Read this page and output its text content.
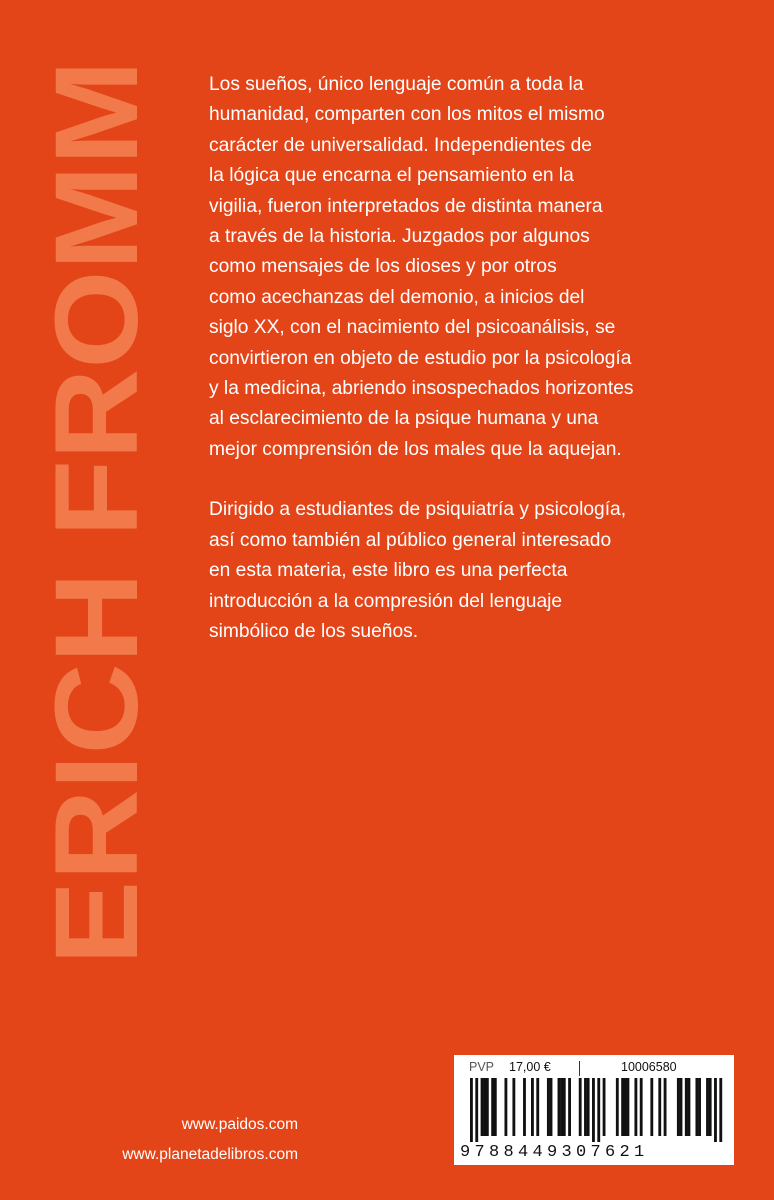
ERICH FROMM

Los sueños, único lenguaje común a toda la
humanidad, comparten con los mitos el mismo
carácter de universalidad. Independientes de
la lógica que encarna el pensamiento en la
vigilia, fueron interpretados de distinta manera
a través de la historia. Juzgados por algunos
como mensajes de los dioses y por otros
como acechanzas del demonio, a inicios del
siglo XX, con el nacimiento del psicoanálisis, se
convirtieron en objeto de estudio por la psicología
y la medicina, abriendo insospechados horizontes
al esclarecimiento de la psique humana y una
mejor comprensión de los males que la aquejan.

Dirigido a estudiantes de psiquiatría y psicología,
así como también al público general interesado
en esta materia, este libro es una perfecta
introducción a la compresión del lenguaje
simbólico de los sueños.

www.paidos.com
www.planetadelibros.com
PVP 17,00 €	10006580
9788449307621
